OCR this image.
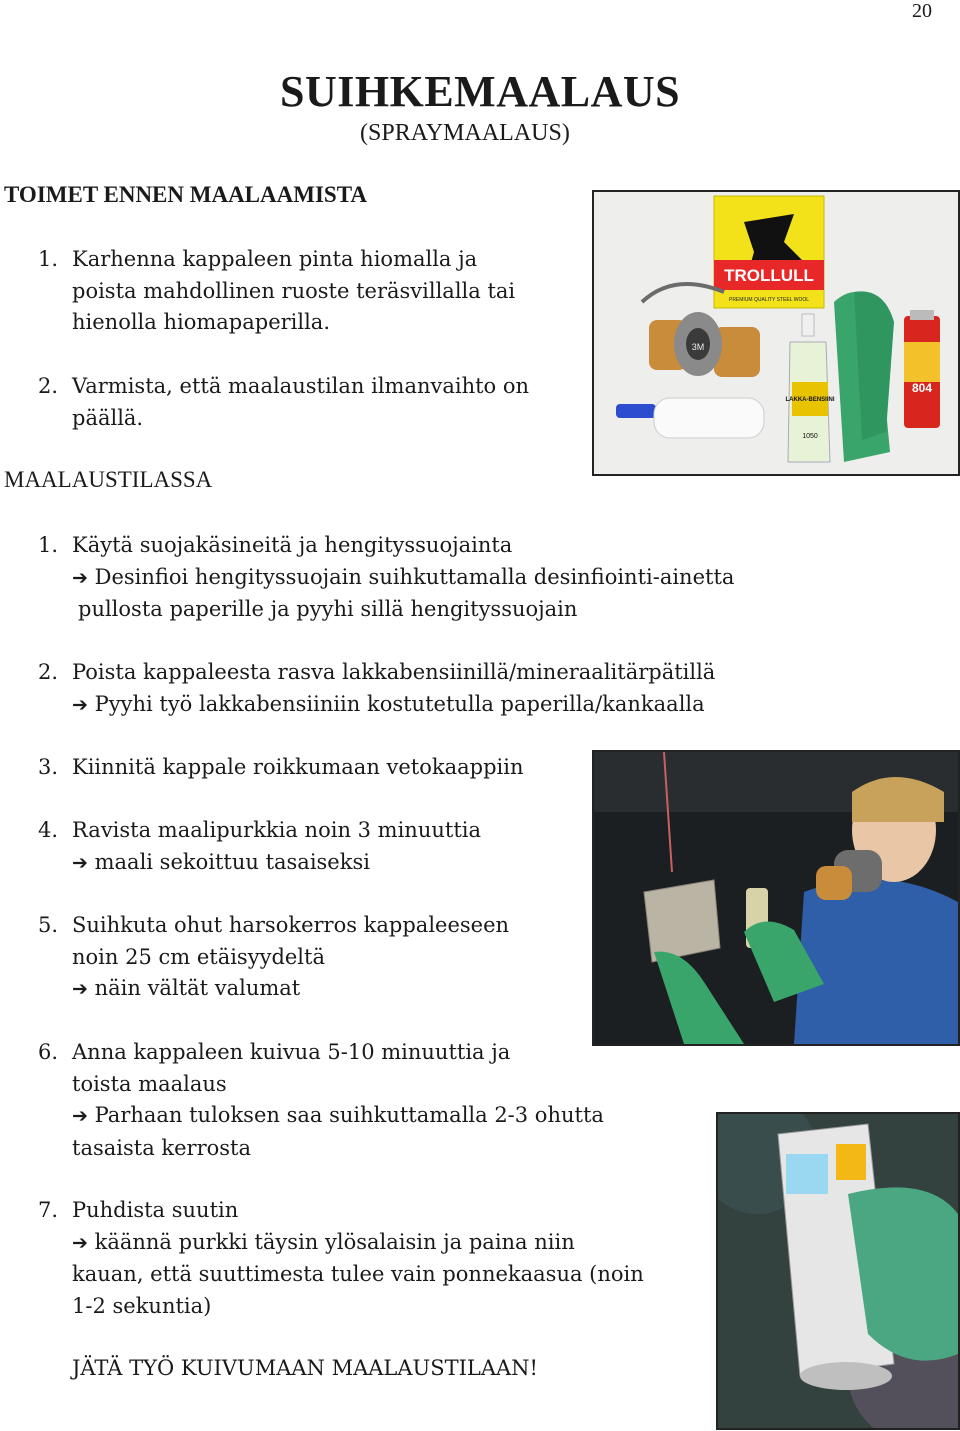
20
SUIHKEMAALAUS
(SPRAYMAALAUS)
TOIMET ENNEN MAALAAMISTA
1. Karhenna kappaleen pinta hiomalla ja
poista mahdollinen ruoste teräsvillalla tai
hienolla hiomapaperilla.
2. Varmista, että maalaustilan ilmanvaihto on
päällä.
MAALAUSTILASSA
1. Käytä suojakäsineitä ja hengityssuojainta
➔ Desinfioi hengityssuojain suihkuttamalla desinfiointi-ainetta
pullosta paperille ja pyyhi sillä hengityssuojain
2. Poista kappaleesta rasva lakkabensiinillä/mineraalitärpätillä
➔ Pyyhi työ lakkabensiiniin kostutetulla paperilla/kankaalla
3. Kiinnitä kappale roikkumaan vetokaappiin
4. Ravista maalipurkkia noin 3 minuuttia
➔ maali sekoittuu tasaiseksi
5. Suihkuta ohut harsokerros kappaleeseen
noin 25 cm etäisyydeltä
➔ näin vältät valumat
6. Anna kappaleen kuivua 5-10 minuuttia ja
toista maalaus
➔ Parhaan tuloksen saa suihkuttamalla 2-3 ohutta
tasaista kerrosta
7. Puhdista suutin
➔ käännä purkki täysin ylösalaisin ja paina niin
kauan, että suuttimesta tulee vain ponnekaasua (noin
1-2 sekuntia)
JÄTÄ TYÖ KUIVUMAAN MAALAUSTILAAN!
TROLLULL
PREMIUM QUALITY STEEL WOOL
3M
LAKKA-BENSIINI
1050
804
